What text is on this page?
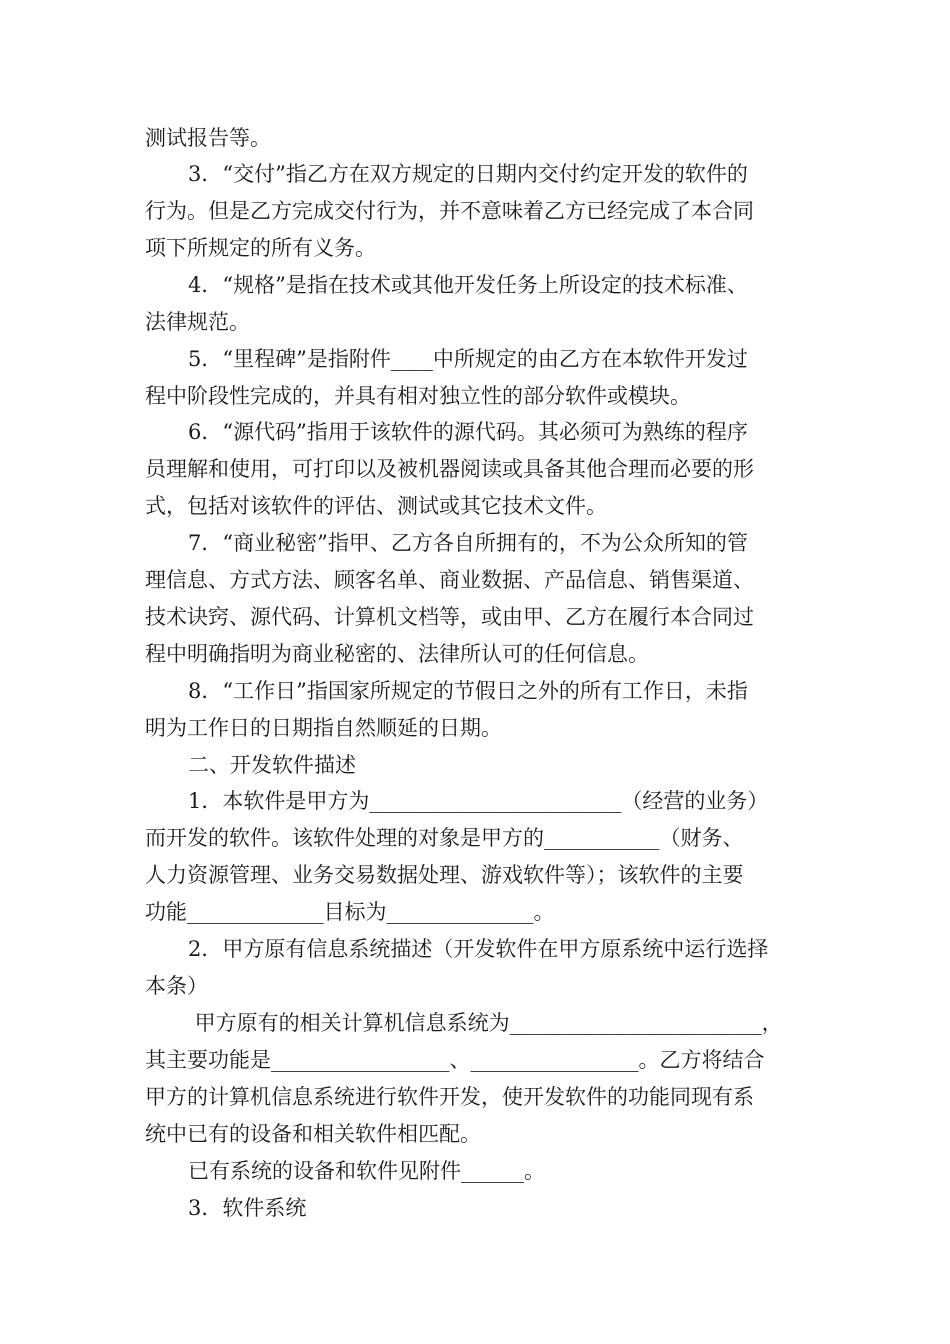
测试报告等。
3．“交付”指乙方在双方规定的日期内交付约定开发的软件的
行为。但是乙方完成交付行为，并不意味着乙方已经完成了本合同
项下所规定的所有义务。
4．“规格”是指在技术或其他开发任务上所设定的技术标准、
法律规范。
5．“里程碑”是指附件____中所规定的由乙方在本软件开发过
程中阶段性完成的，并具有相对独立性的部分软件或模块。
6．“源代码”指用于该软件的源代码。其必须可为熟练的程序
员理解和使用，可打印以及被机器阅读或具备其他合理而必要的形
式，包括对该软件的评估、测试或其它技术文件。
7．“商业秘密”指甲、乙方各自所拥有的，不为公众所知的管
理信息、方式方法、顾客名单、商业数据、产品信息、销售渠道、
技术诀窍、源代码、计算机文档等，或由甲、乙方在履行本合同过
程中明确指明为商业秘密的、法律所认可的任何信息。
8．“工作日”指国家所规定的节假日之外的所有工作日，未指
明为工作日的日期指自然顺延的日期。
二、开发软件描述
1．本软件是甲方为________________________（经营的业务）
而开发的软件。该软件处理的对象是甲方的___________（财务、
人力资源管理、业务交易数据处理、游戏软件等）；该软件的主要
功能_____________目标为______________。
2．甲方原有信息系统描述（开发软件在甲方原系统中运行选择
本条）
甲方原有的相关计算机信息系统为________________________，
其主要功能是_________________、________________。乙方将结合
甲方的计算机信息系统进行软件开发，使开发软件的功能同现有系
统中已有的设备和相关软件相匹配。
已有系统的设备和软件见附件______。
3．软件系统
